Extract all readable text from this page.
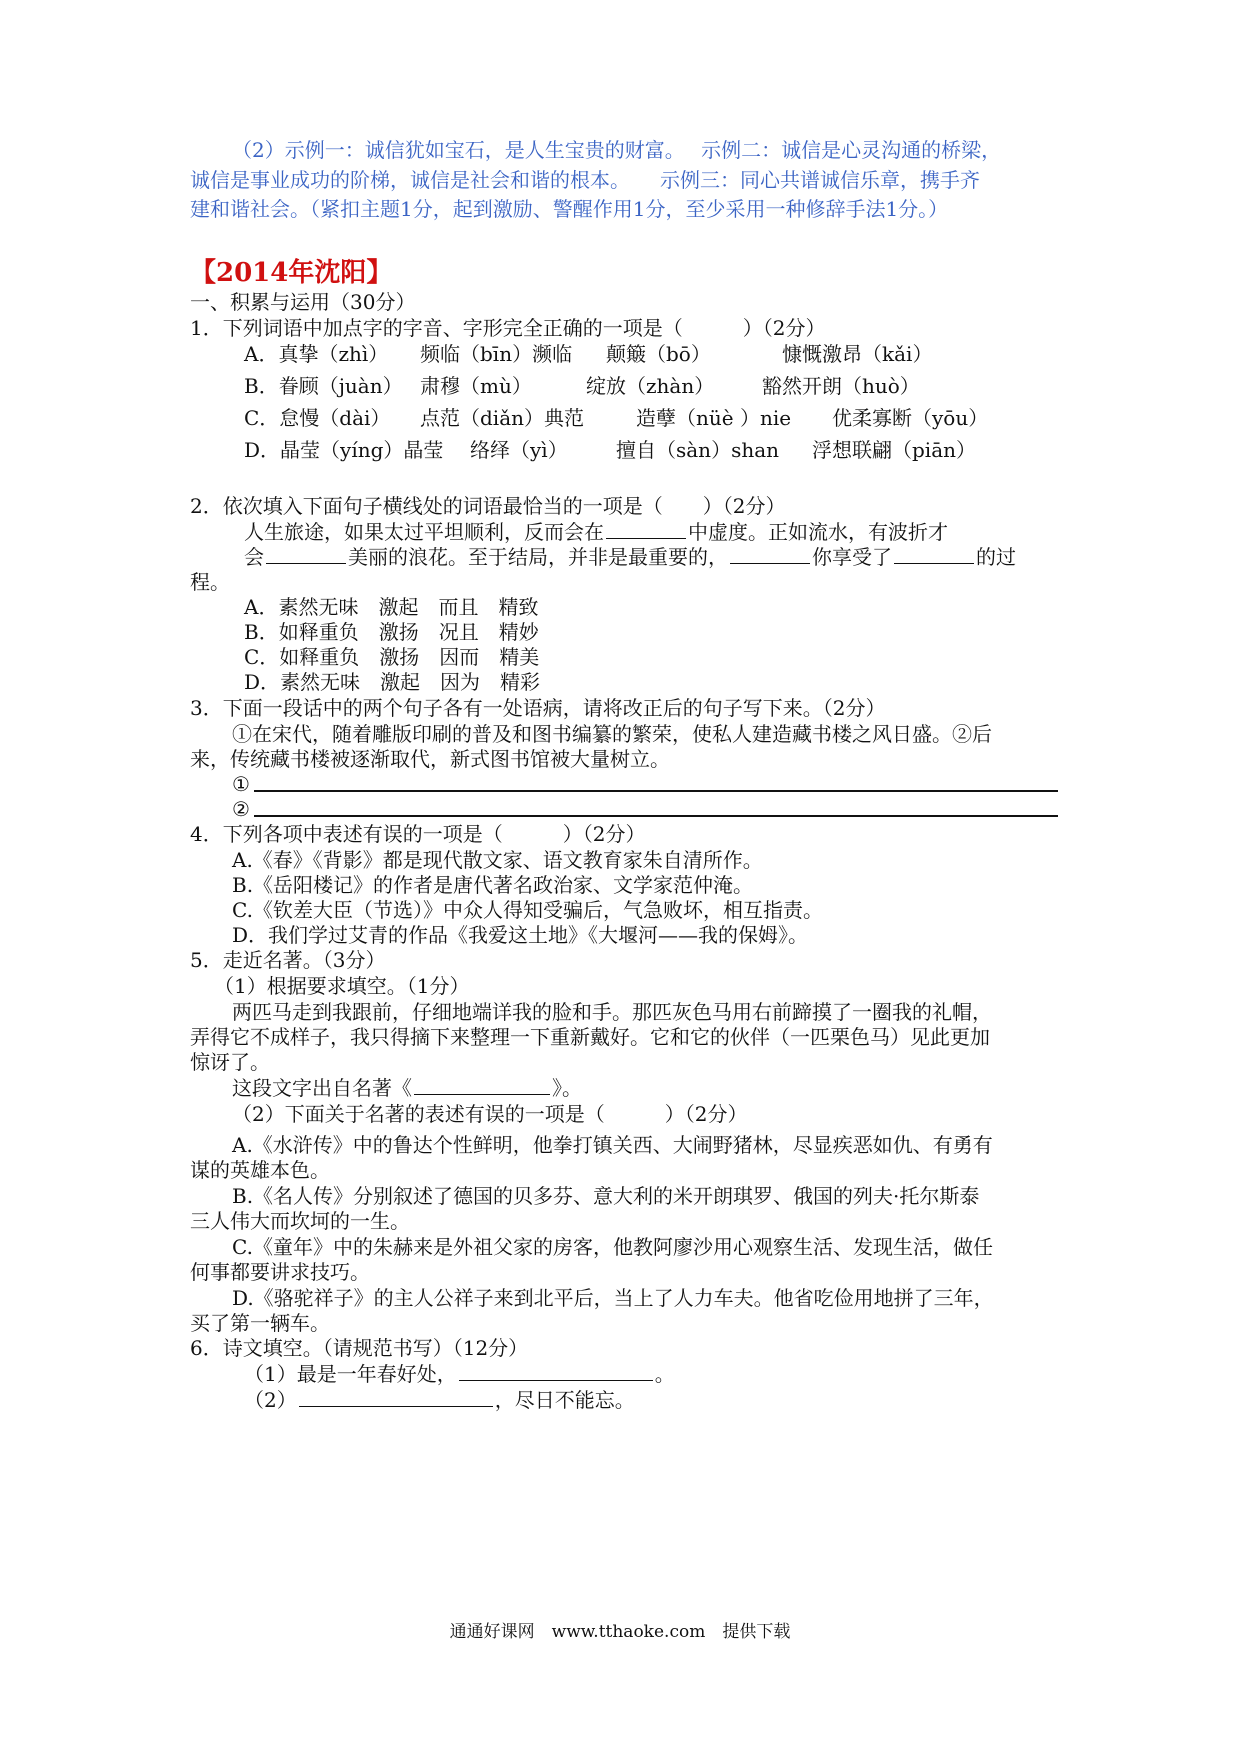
（2）示例一：诚信犹如宝石，是人生宝贵的财富。　 示例二：诚信是心灵沟通的桥梁，
诚信是事业成功的阶梯，诚信是社会和谐的根本。　　示例三：同心共谱诚信乐章，携手齐
建和谐社会。（紧扣主题1分，起到激励、警醒作用1分，至少采用一种修辞手法1分。）
【2014年沈阳】
一、积累与运用（30分）
1．下列词语中加点字的字音、字形完全正确的一项是（　　　）（2分）
A．真挚（zhì） 频临（bīn）濒临 颠簸（bō）	慷慨激昂（kǎi）
B．眷顾（juàn） 肃穆（mù）	绽放（zhàn） 豁然开朗（huò）
C．怠慢（dài） 点范（diǎn）典范	造孽（nüè ）nie 优柔寡断（yōu）
D．晶莹（yíng）晶莹 络绎（yì） 擅自（sàn）shan 浮想联翩（piān）
2．依次填入下面句子横线处的词语最恰当的一项是（　　）（2分）
人生旅途，如果太过平坦顺利，反而会在	中虚度。正如流水，有波折才
会	美丽的浪花。至于结局，并非是最重要的，	你享受了	的过
程。
A．素然无味　激起　而且　精致
B．如释重负　激扬　况且　精妙
C．如释重负　激扬　因而　精美
D．素然无味　激起　因为　精彩
3．下面一段话中的两个句子各有一处语病，请将改正后的句子写下来。（2分）
①在宋代，随着雕版印刷的普及和图书编纂的繁荣，使私人建造藏书楼之风日盛。②后
来，传统藏书楼被逐渐取代，新式图书馆被大量树立。
①
②
4．下列各项中表述有误的一项是（　　　）（2分）
A.《春》《背影》都是现代散文家、语文教育家朱自清所作。
B.《岳阳楼记》的作者是唐代著名政治家、文学家范仲淹。
C.《钦差大臣（节选）》中众人得知受骗后，气急败坏，相互指责。
D．我们学过艾青的作品《我爱这土地》《大堰河——我的保姆》。
5．走近名著。（3分）
（1）根据要求填空。（1分）
两匹马走到我跟前，仔细地端详我的脸和手。那匹灰色马用右前蹄摸了一圈我的礼帽，
弄得它不成样子，我只得摘下来整理一下重新戴好。它和它的伙伴（一匹栗色马）见此更加
惊讶了。
这段文字出自名著《	》。
（2）下面关于名著的表述有误的一项是（　　　）（2分）
A.《水浒传》中的鲁达个性鲜明，他拳打镇关西、大闹野猪林，尽显疾恶如仇、有勇有
谋的英雄本色。
B.《名人传》分别叙述了德国的贝多芬、意大利的米开朗琪罗、俄国的列夫·托尔斯泰
三人伟大而坎坷的一生。
C.《童年》中的朱赫来是外祖父家的房客，他教阿廖沙用心观察生活、发现生活，做任
何事都要讲求技巧。
D.《骆驼祥子》的主人公祥子来到北平后，当上了人力车夫。他省吃俭用地拼了三年，
买了第一辆车。
6．诗文填空。（请规范书写）（12分）
（1）最是一年春好处，	。
（2）	，尽日不能忘。
通通好课网　www.tthaoke.com　提供下载
